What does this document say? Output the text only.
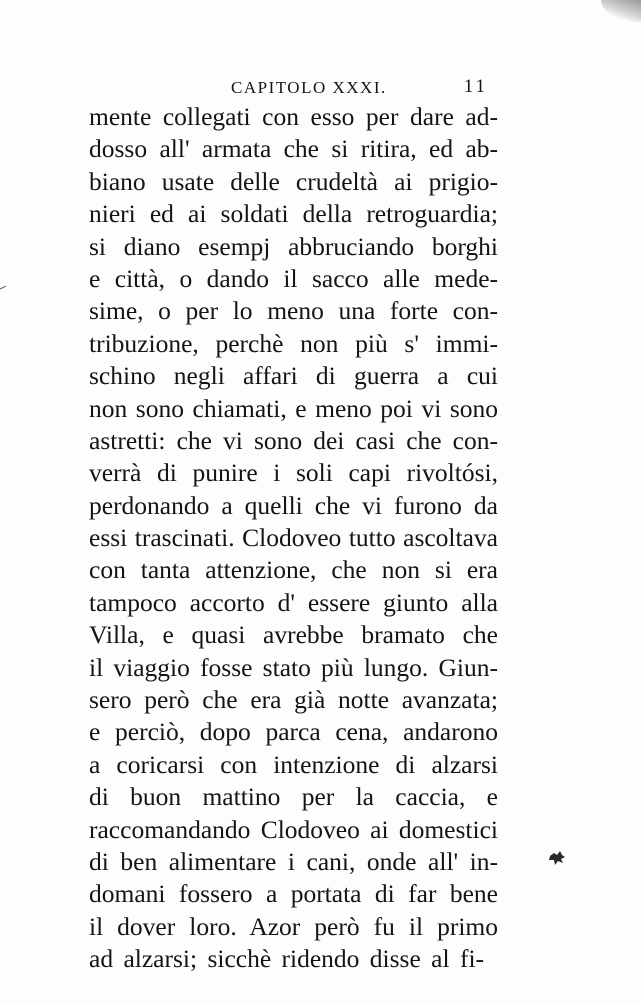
CAPITOLO XXXI.	11
mente collegati con esso per dare ad-
dosso all' armata che si ritira, ed ab-
biano usate delle crudeltà ai prigio-
nieri ed ai soldati della retroguardia;
si diano esempj abbruciando borghi
e città, o dando il sacco alle mede-
sime, o per lo meno una forte con-
tribuzione, perchè non più s' immi-
schino negli affari di guerra a cui
non sono chiamati, e meno poi vi sono
astretti: che vi sono dei casi che con-
verrà di punire i soli capi rivoltósi,
perdonando a quelli che vi furono da
essi trascinati. Clodoveo tutto ascoltava
con tanta attenzione, che non si era
tampoco accorto d' essere giunto alla
Villa, e quasi avrebbe bramato che
il viaggio fosse stato più lungo. Giun-
sero però che era già notte avanzata;
e perciò, dopo parca cena, andarono
a coricarsi con intenzione di alzarsi
di buon mattino per la caccia, e
raccomandando Clodoveo ai domestici
di ben alimentare i cani, onde all' in-
domani fossero a portata di far bene
il dover loro. Azor però fu il primo
ad alzarsi; sicchè ridendo disse al fi-
